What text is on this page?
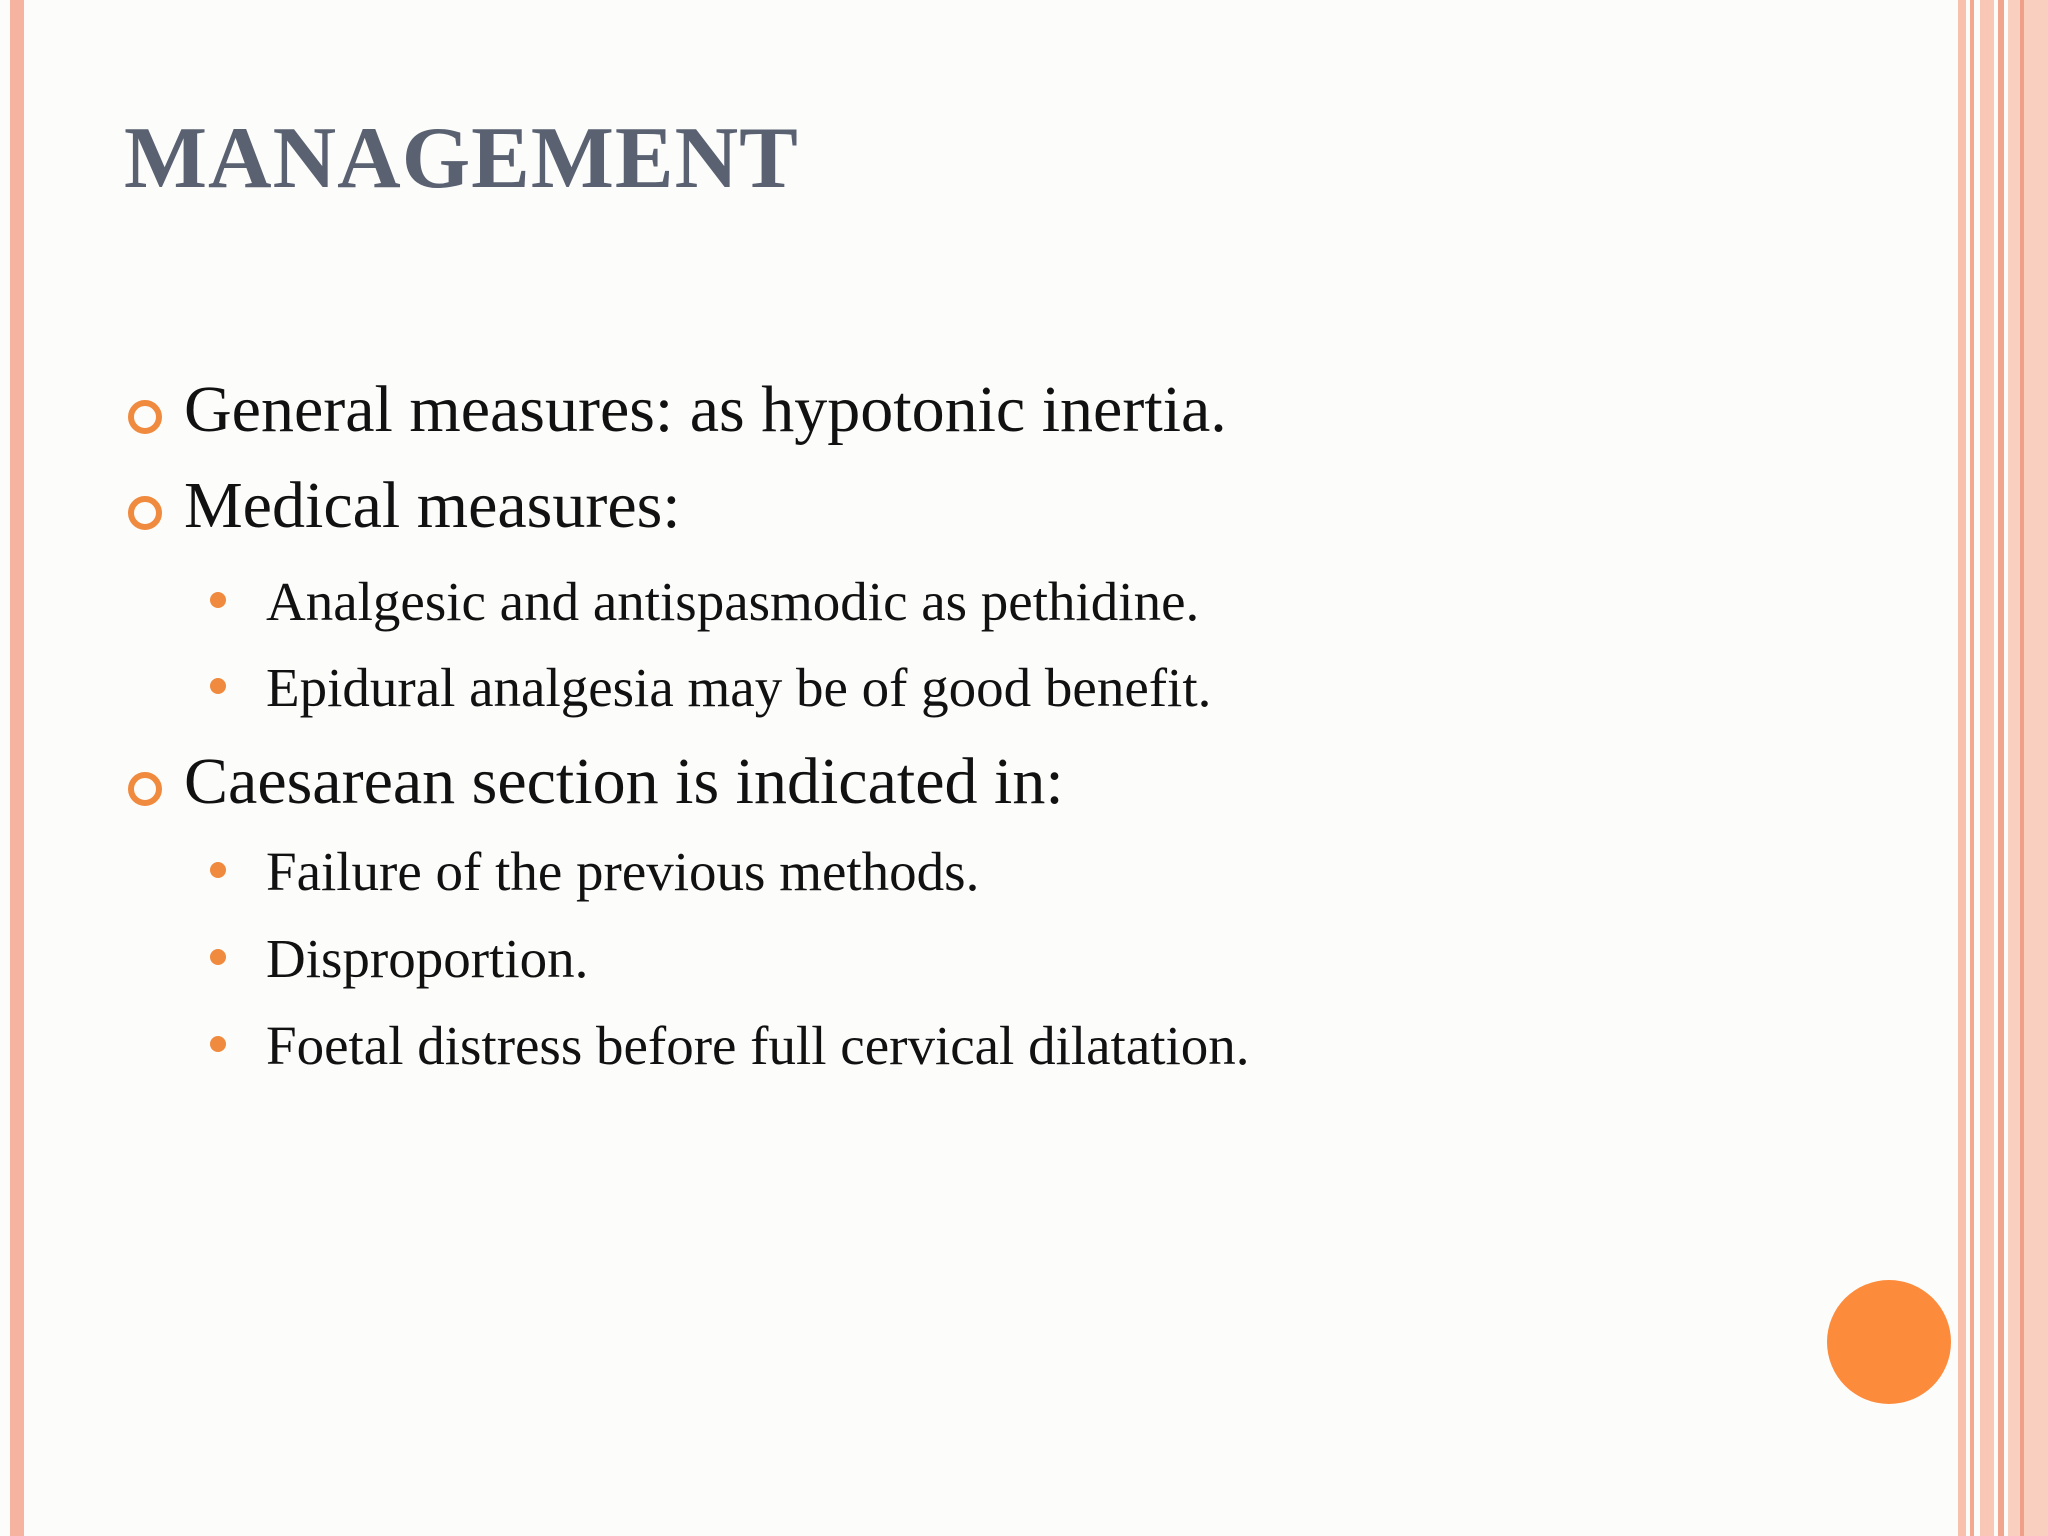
MANAGEMENT
General measures: as hypotonic inertia.
Medical measures:
Analgesic and antispasmodic as pethidine.
Epidural analgesia may be of good benefit.
Caesarean section is indicated in:
Failure of the previous methods.
Disproportion.
Foetal distress before full cervical dilatation.
